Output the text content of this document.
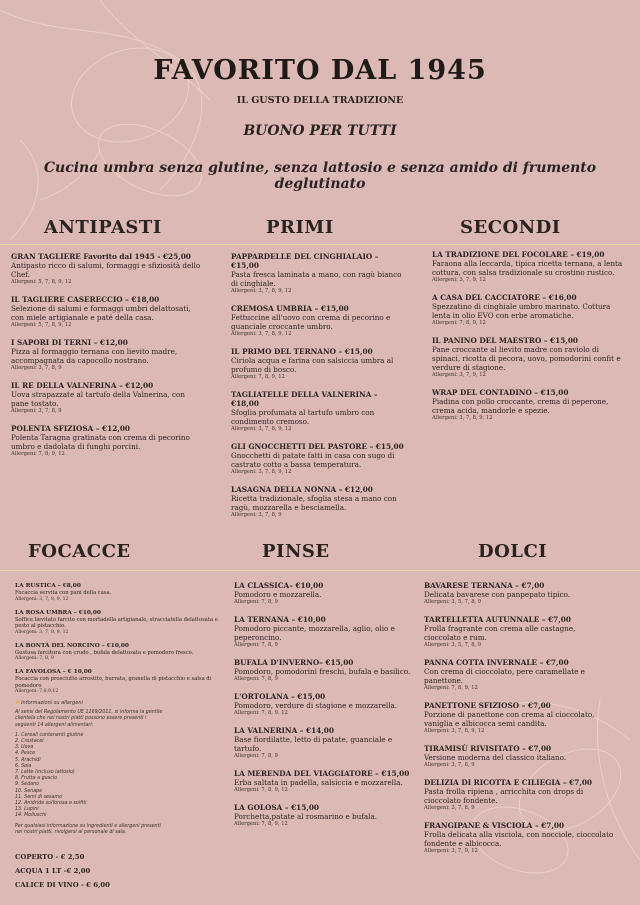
FAVORITO DAL 1945
IL GUSTO DELLA TRADIZIONE
BUONO PER TUTTI
Cucina umbra senza glutine, senza lattosio e senza amido di frumento deglutinato
ANTIPASTI	PRIMI	SECONDI
FOCACCE	PINSE	DOLCI
GRAN TAGLIERE Favorito dal 1945 - €25,00
Antipasto ricco di salumi, formaggi e sfiziosità dello Chef.
Allergeni: 5, 7, 8, 9, 12
IL TAGLIERE CASERECCIO – €18,00
Selezione di salumi e formaggi umbri delattosati, con miele artigianale e paté della casa.
Allergeni: 5, 7, 8, 9, 12
I SAPORI DI TERNI – €12,00
Pizza al formaggio ternana con lievito madre, accompagnata da capocollo nostrano.
Allergeni: 3, 7, 8, 9
IL RE DELLA VALNERINA – €12,00
Uova strapazzate al tartufo della Valnerina, con pane tostato.
Allergeni: 3, 7, 8, 9
POLENTA SFIZIOSA – €12,00
Polenta Taragna gratinata con crema di pecorino umbro e dadolata di funghi porcini.
Allergeni: 7, 8, 9, 12
PAPPARDELLE DEL CINGHIALAIO – €15,00
Pasta fresca laminata a mano, con ragù bianco di cinghiale.
Allergeni: 3, 7, 8, 9, 12
CREMOSA UMBRIA – €15,00
Fettuccine all'uovo con crema di pecorino e guanciale croccante umbro.
Allergeni: 3, 7, 8, 9, 12
IL PRIMO DEL TERNANO – €15,00
Ciriola acqua e farina con salsiccia umbra al profumo di bosco.
Allergeni: 7, 8, 9, 12
TAGLIATELLE DELLA VALNERINA – €18,00
Sfoglia profumata al tartufo umbro con condimento cremoso.
Allergeni: 3, 7, 8, 9, 12
GLI GNOCCHETTI DEL PASTORE – €15,00
Gnocchetti di patate fatti in casa con sugo di castrato cotto a bassa temperatura.
Allergeni: 3, 7, 8, 9, 12
LASAGNA DELLA NONNA – €12,00
Ricetta tradizionale, sfoglia stesa a mano con ragù, mozzarella e besciamella.
Allergeni: 3, 7, 8, 9
LA TRADIZIONE DEL FOCOLARE – €19,00
Faraona alla leccarda, tipica ricetta ternana, a lenta cottura, con salsa tradizionale su crostino rustico.
Allergeni: 3, 7, 9, 12
A CASA DEL CACCIATORE – €16,00
Spezzatino di cinghiale umbro marinato. Cottura lenta in olio EVO con erbe aromatiche.
Allergeni: 7, 8, 9, 12
IL PANINO DEL MAESTRO – €15,00
Pane croccante al lievito madre con raviolo di spinaci, ricotta di pecora, uovo, pomodorini confit e verdure di stagione.
Allergeni: 3, 7, 9, 12
WRAP DEL CONTADINO – €15,00
Piadina con pollo croccante, crema di peperone, crema acida, mandorle e spezie.
Allergeni: 3, 7, 8, 9, 12
LA RUSTICA – €8,00
Focaccia servita con pani della casa.
Allergeni: 3, 7, 8, 9, 12
LA ROSA UMBRA – €10,00
Soffice lievitato farcito con mortadella artigianale, stracciatella delattosata e pesto al pistacchio.
Allergeni: 3, 7, 8, 9, 12
LA BONTÀ DEL NORCINO – €10,00
Gustosa farcitura con crudo , bufala delattosata e pomodoro fresco.
Allergeni: 7, 8, 9
LA FAVOLOSA – € 10,00
Focaccia con prosciutto arrostito, burrata, granella di pistacchio e salsa di pomodoro
Allergeni: 7,8,9,12
☀ Informazioni su allergeni

Ai sensi del Regolamento UE 1169/2011, si informa la gentile clientela che nei nostri piatti possono essere presenti i seguenti 14 allergeni alimentari:

1. Cereali contenenti glutine
2. Crostacei
3. Uova
4. Pesce
5. Arachidi
6. Soia
7. Latte (incluso lattosio)
8. Frutta a guscio
9. Sedano
10. Senape
11. Semi di sesamo
12. Anidride solforosa e solfiti
13. Lupini
14. Molluschi

Per qualsiasi informazione su ingredienti e allergeni presenti nei nostri piatti, rivolgersi al personale di sala.

COPERTO - € 2,50
ACQUA 1 LT -€ 2,00
CALICE DI VINO - € 6,00
LA CLASSICA– €10,00
Pomodoro e mozzarella.
Allergeni: 7, 8, 9
LA TERNANA – €10,00
Pomodoro piccante, mozzarella, aglio, olio e peperoncino.
Allergeni: 7, 8, 9
BUFALA D'INVERNO– €15,00
Pomodoro, pomodorini freschi, bufala e basilico.
Allergeni: 7, 8, 9
L'ORTOLANA – €15,00
Pomodoro, verdure di stagione e mozzarella.
Allergeni: 7, 8, 9, 12
LA VALNERINA – €14,00
Base fiordilatte, letto di patate, guanciale e tartufo.
Allergeni: 7, 8, 9
LA MERENDA DEL VIAGGIATORE – €15,00
Erba saltata in padella, salsiccia e mozzarella.
Allergeni: 7, 8, 9, 12
LA GOLOSA – €15,00
Porchetta,patate al rosmarino e bufala.
Allergeni: 7, 8, 9, 12
BAVARESE TERNANA – €7,00
Delicata bavarese con panpepato tipico.
Allergeni: 3, 5, 7, 8, 9
TARTELLETTA AUTUNNALE – €7,00
Frolla fragrante con crema alle castagne, cioccolato e rum.
Allergeni: 3, 5, 7, 8, 9
PANNA COTTA INVERNALE – €7,00
Con crema di cioccolato, pere caramellate e panettone.
Allergeni: 7, 8, 9, 12
PANETTONE SFIZIOSO – €7,00
Porzione di panettone con crema al cioccolato, vaniglia e albicocca semi candita.
Allergeni: 3, 7, 8, 9, 12
TIRAMISÙ RIVISITATO – €7,00
Versione moderna del classico italiano.
Allergeni: 3, 7, 8, 9
DELIZIA DI RICOTTA E CILIEGIA – €7,00
Pasta frolla ripiena , arricchita con drops di cioccolato fondente.
Allergeni: 3, 7, 8, 9
FRANGIPANE & VISCIOLA – €7,00
Frolla delicata alla visciola, con nocciole, cioccolato fondente e albicocca.
Allergeni: 3, 7, 9, 12
